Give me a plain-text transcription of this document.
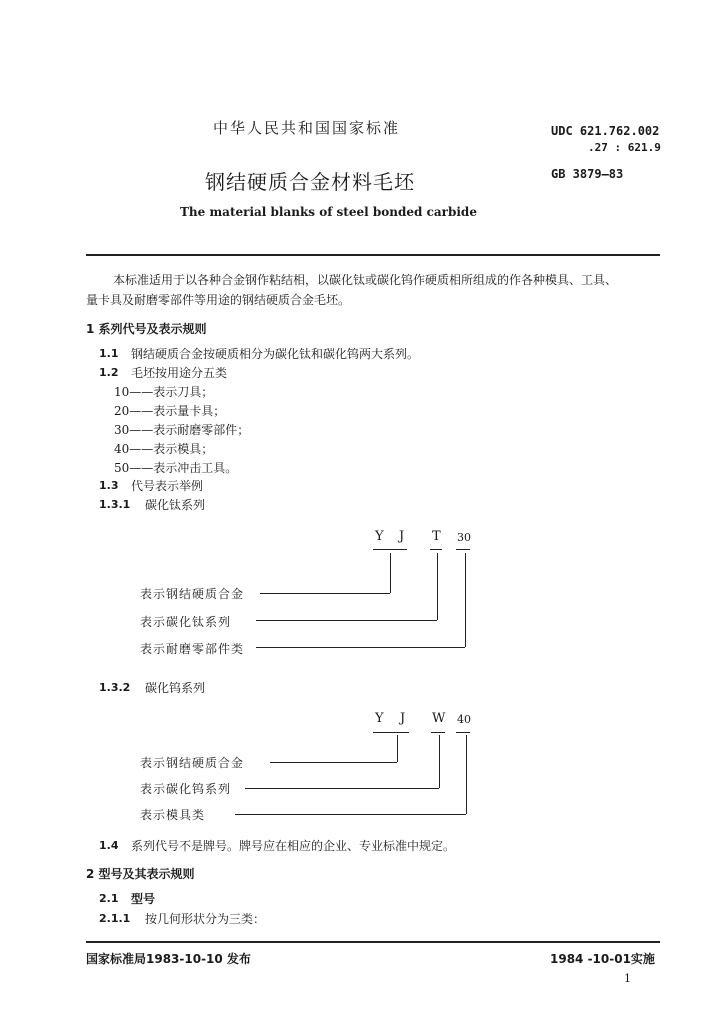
中华人民共和国国家标准	UDC 621.762.002
.27 : 621.9
GB 3879—83
钢结硬质合金材料毛坯
The material blanks of steel bonded carbide
本标准适用于以各种合金钢作粘结相，以碳化钛或碳化钨作硬质相所组成的作各种模具、工具、
量卡具及耐磨零部件等用途的钢结硬质合金毛坯。
1 系列代号及表示规则
1.1 钢结硬质合金按硬质相分为碳化钛和碳化钨两大系列。
1.2 毛坯按用途分五类
10——表示刀具；
20——表示量卡具；
30——表示耐磨零部件；
40——表示模具；
50——表示冲击工具。
1.3 代号表示举例
1.3.1 碳化钛系列
Y J T 30
表示钢结硬质合金
表示碳化钛系列
表示耐磨零部件类
1.3.2 碳化钨系列
Y J W 40
表示钢结硬质合金
表示碳化钨系列
表示模具类
1.4 系列代号不是牌号。牌号应在相应的企业、专业标准中规定。
2 型号及其表示规则
2.1 型号
2.1.1 按几何形状分为三类：
国家标准局1983-10-10 发布	1984 -10-01实施
1
